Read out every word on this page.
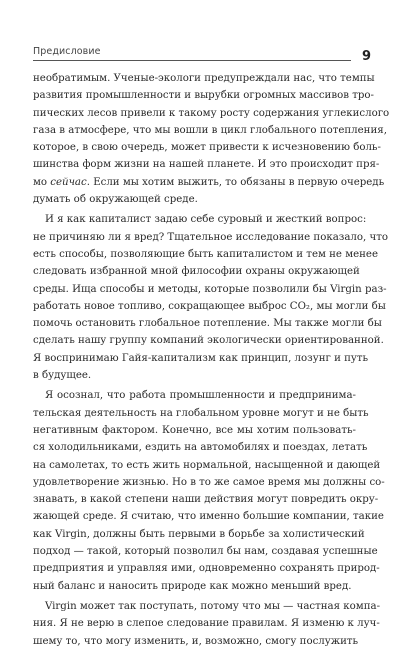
Предисловие	9

необратимым. Ученые-экологи предупреждали нас, что темпы
развития промышленности и вырубки огромных массивов тро-
пических лесов привели к такому росту содержания углекислого
газа в атмосфере, что мы вошли в цикл глобального потепления,
которое, в свою очередь, может привести к исчезновению боль-
шинства форм жизни на нашей планете. И это происходит пря-
мо сейчас. Если мы хотим выжить, то обязаны в первую очередь
думать об окружающей среде.

И я как капиталист задаю себе суровый и жесткий вопрос:
не причиняю ли я вред? Тщательное исследование показало, что
есть способы, позволяющие быть капиталистом и тем не менее
следовать избранной мной философии охраны окружающей
среды. Ища способы и методы, которые позволили бы Virgin раз-
работать новое топливо, сокращающее выброс CO₂, мы могли бы
помочь остановить глобальное потепление. Мы также могли бы
сделать нашу группу компаний экологически ориентированной.
Я воспринимаю Гайя-капитализм как принцип, лозунг и путь
в будущее.

Я осознал, что работа промышленности и предпринима-
тельская деятельность на глобальном уровне могут и не быть
негативным фактором. Конечно, все мы хотим пользовать-
ся холодильниками, ездить на автомобилях и поездах, летать
на самолетах, то есть жить нормальной, насыщенной и дающей
удовлетворение жизнью. Но в то же самое время мы должны со-
знавать, в какой степени наши действия могут повредить окру-
жающей среде. Я считаю, что именно большие компании, такие
как Virgin, должны быть первыми в борьбе за холистический
подход — такой, который позволил бы нам, создавая успешные
предприятия и управляя ими, одновременно сохранять природ-
ный баланс и наносить природе как можно меньший вред.

Virgin может так поступать, потому что мы — частная компа-
ния. Я не верю в слепое следование правилам. Я изменю к луч-
шему то, что могу изменить, и, возможно, смогу послужить
